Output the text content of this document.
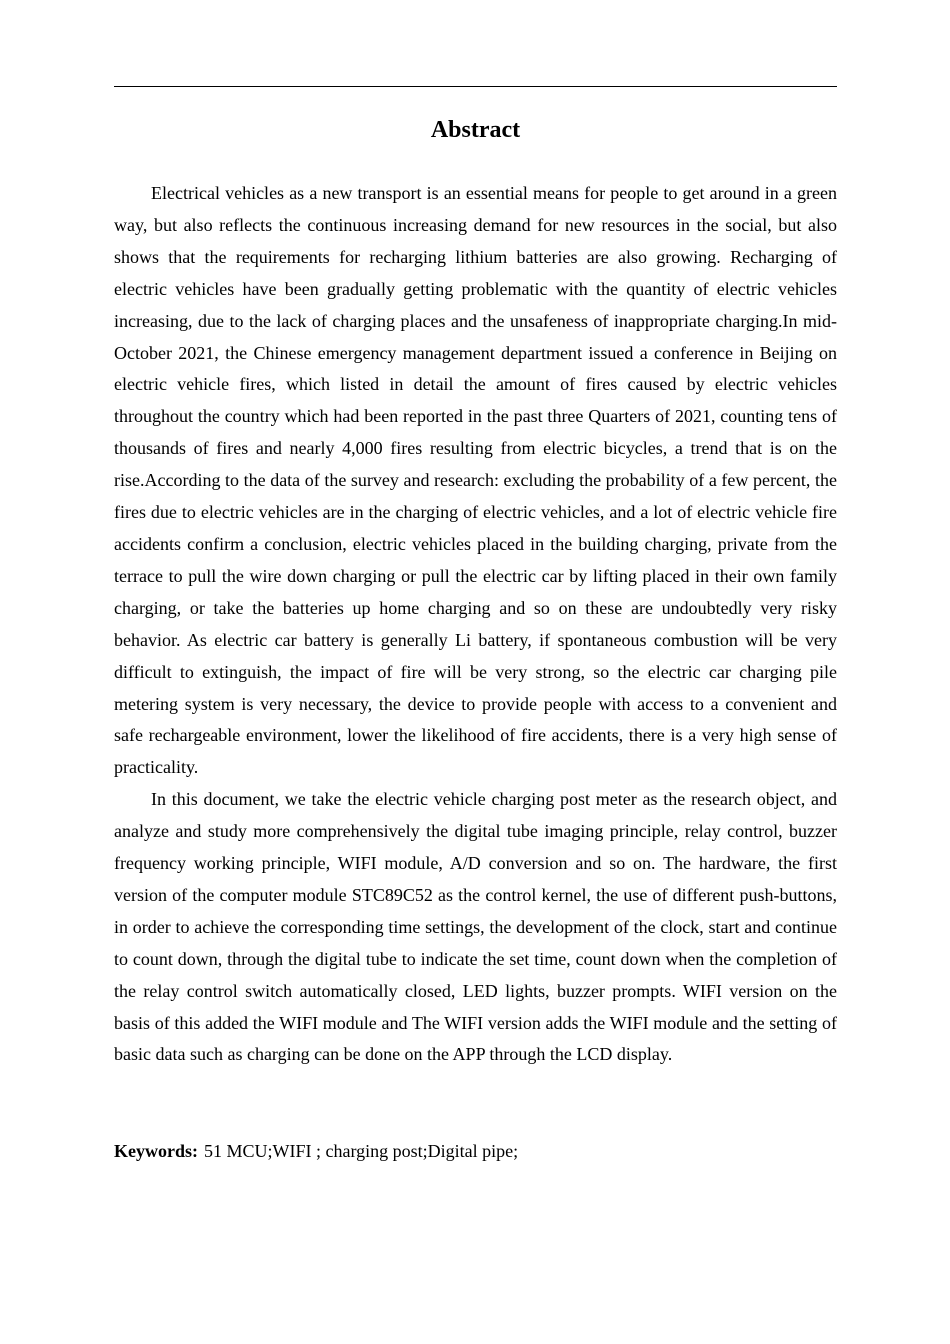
Abstract

Electrical vehicles as a new transport is an essential means for people to get around in a green way, but also reflects the continuous increasing demand for new resources in the social, but also shows that the requirements for recharging lithium batteries are also growing. Recharging of electric vehicles have been gradually getting problematic with the quantity of electric vehicles increasing, due to the lack of charging places and the unsafeness of inappropriate charging.In mid-October 2021, the Chinese emergency management department issued a conference in Beijing on electric vehicle fires, which listed in detail the amount of fires caused by electric vehicles throughout the country which had been reported in the past three Quarters of 2021, counting tens of thousands of fires and nearly 4,000 fires resulting from electric bicycles, a trend that is on the rise.According to the data of the survey and research: excluding the probability of a few percent, the fires due to electric vehicles are in the charging of electric vehicles, and a lot of electric vehicle fire accidents confirm a conclusion, electric vehicles placed in the building charging, private from the terrace to pull the wire down charging or pull the electric car by lifting placed in their own family charging, or take the batteries up home charging and so on these are undoubtedly very risky behavior. As electric car battery is generally Li battery, if spontaneous combustion will be very difficult to extinguish, the impact of fire will be very strong, so the electric car charging pile metering system is very necessary, the device to provide people with access to a convenient and safe rechargeable environment, lower the likelihood of fire accidents, there is a very high sense of practicality.

In this document, we take the electric vehicle charging post meter as the research object, and analyze and study more comprehensively the digital tube imaging principle, relay control, buzzer frequency working principle, WIFI module, A/D conversion and so on. The hardware, the first version of the computer module STC89C52 as the control kernel, the use of different push-buttons, in order to achieve the corresponding time settings, the development of the clock, start and continue to count down, through the digital tube to indicate the set time, count down when the completion of the relay control switch automatically closed, LED lights, buzzer prompts. WIFI version on the basis of this added the WIFI module and The WIFI version adds the WIFI module and the setting of basic data such as charging can be done on the APP through the LCD display.

Keywords: 51 MCU;WIFI ; charging post;Digital pipe;
